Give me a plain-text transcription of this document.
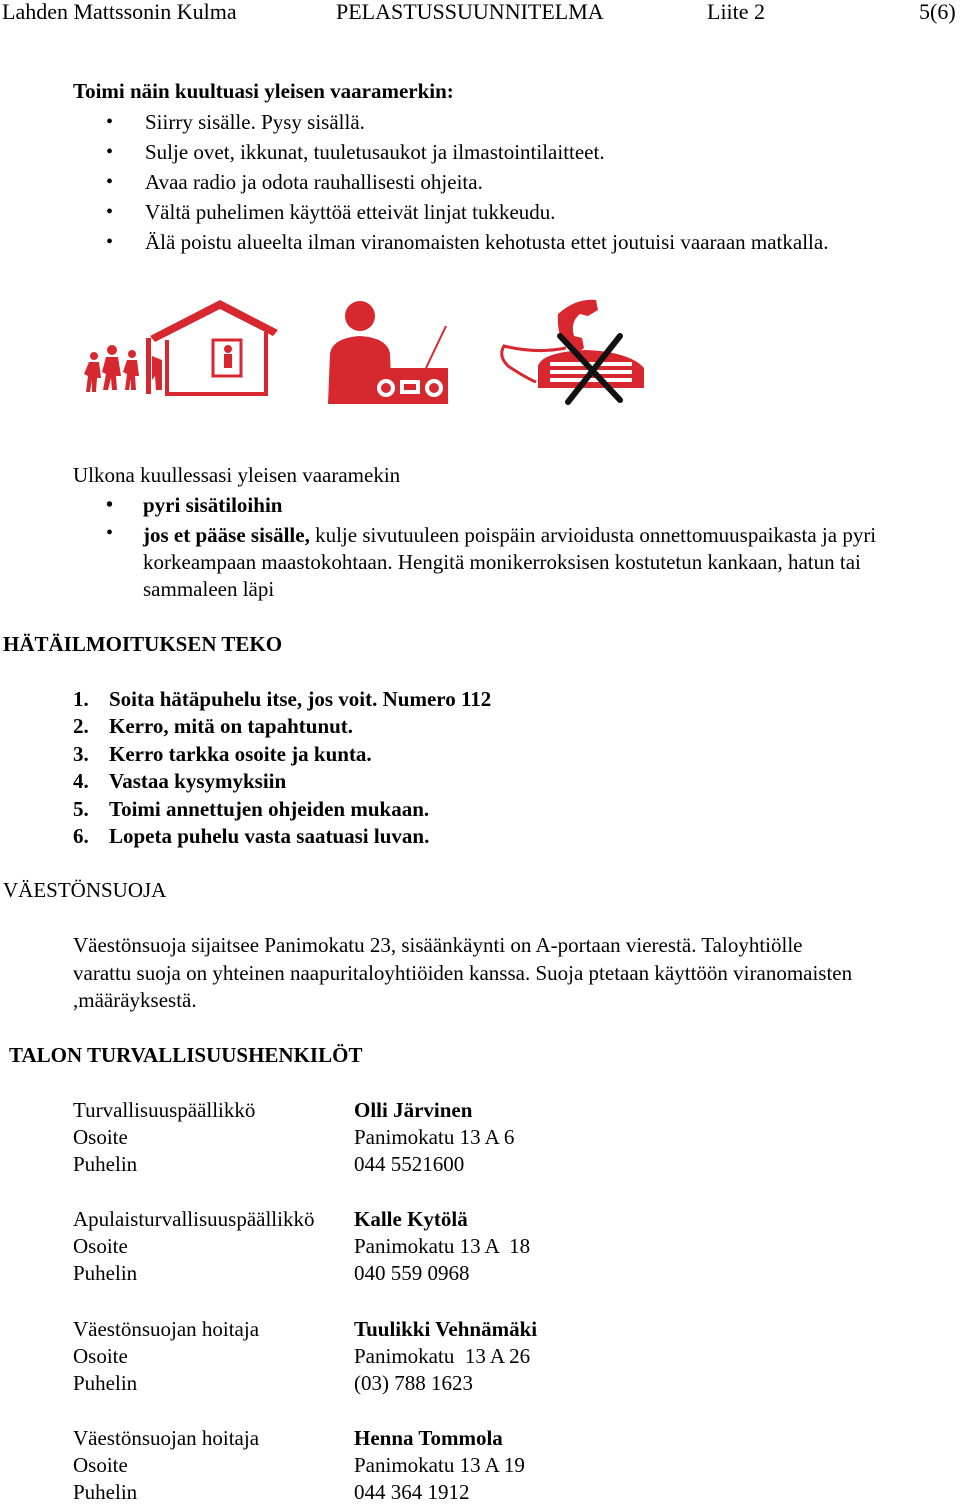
Lahden Mattssonin Kulma	PELASTUSSUUNNITELMA	Liite 2	5(6)
Toimi näin kuultuasi yleisen vaaramerkin:
• Siirry sisälle. Pysy sisällä.
• Sulje ovet, ikkunat, tuuletusaukot ja ilmastointilaitteet.
• Avaa radio ja odota rauhallisesti ohjeita.
• Vältä puhelimen käyttöä etteivät linjat tukkeudu.
• Älä poistu alueelta ilman viranomaisten kehotusta ettet joutuisi vaaraan matkalla.
Ulkona kuullessasi yleisen vaaramekin
• pyri sisätiloihin
• jos et pääse sisälle, kulje sivutuuleen poispäin arvioidusta onnettomuuspaikasta ja pyri korkeampaan maastokohtaan. Hengitä monikerroksisen kostutetun kankaan, hatun tai sammaleen läpi
HÄTÄILMOITUKSEN TEKO
1. Soita hätäpuhelu itse, jos voit. Numero 112
2. Kerro, mitä on tapahtunut.
3. Kerro tarkka osoite ja kunta.
4. Vastaa kysymyksiin
5. Toimi annettujen ohjeiden mukaan.
6. Lopeta puhelu vasta saatuasi luvan.
VÄESTÖNSUOJA
Väestönsuoja sijaitsee Panimokatu 23, sisäänkäynti on A-portaan vierestä. Taloyhtiölle
varattu suoja on yhteinen naapuritaloyhtiöiden kanssa. Suoja ptetaan käyttöön viranomaisten
,määräyksestä.
TALON TURVALLISUUSHENKILÖT
Turvallisuuspäällikkö	Olli Järvinen
Osoite	Panimokatu 13 A 6
Puhelin	044 5521600
Apulaisturvallisuuspäällikkö Kalle Kytölä
Osoite	Panimokatu 13 A  18
Puhelin	040 559 0968
Väestönsuojan hoitaja	Tuulikki Vehnämäki
Osoite	Panimokatu  13 A 26
Puhelin	(03) 788 1623
Väestönsuojan hoitaja	Henna Tommola
Osoite	Panimokatu 13 A 19
Puhelin	044 364 1912
